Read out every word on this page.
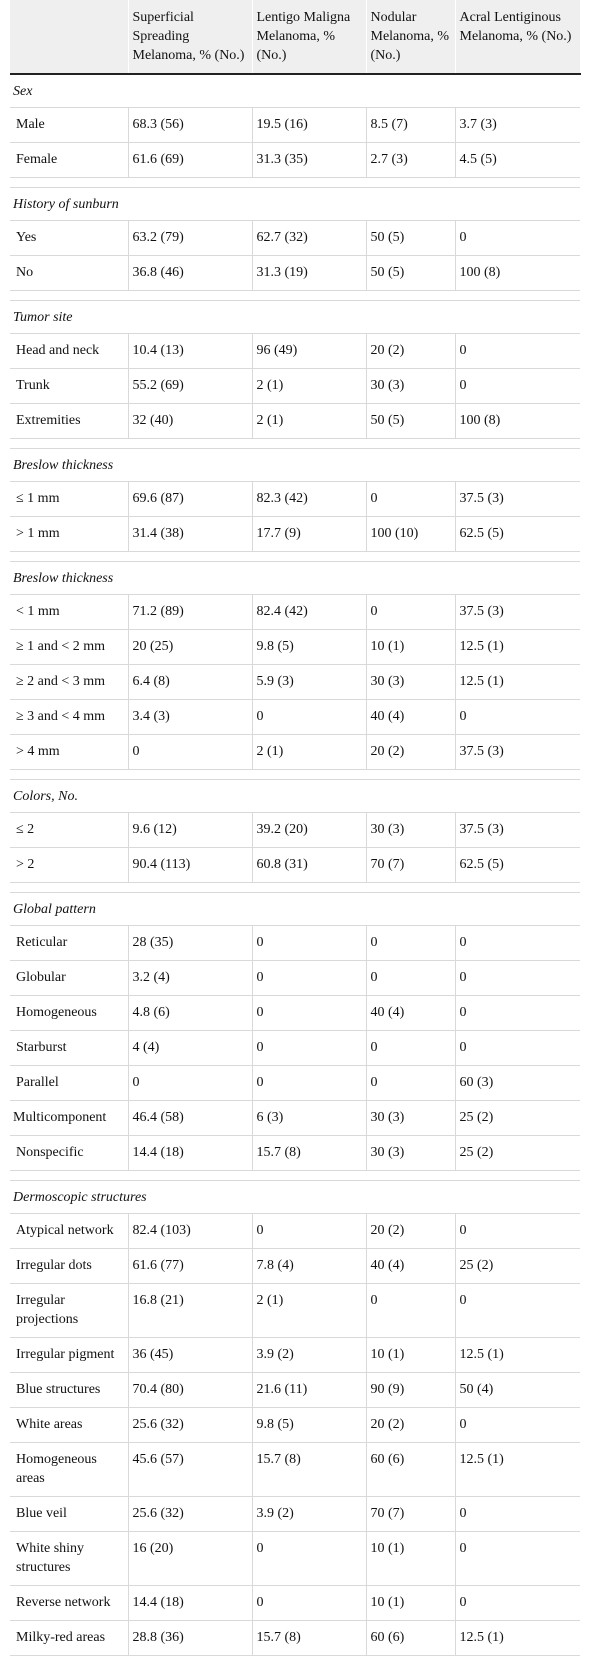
	Superficial Spreading Melanoma, % (No.)	Lentigo Maligna Melanoma, % (No.)	Nodular Melanoma, % (No.)	Acral Lentiginous Melanoma, % (No.)
Sex				
Male	68.3 (56)	19.5 (16)	8.5 (7)	3.7 (3)
Female	61.6 (69)	31.3 (35)	2.7 (3)	4.5 (5)

History of sunburn				
Yes	63.2 (79)	62.7 (32)	50 (5)	0
No	36.8 (46)	31.3 (19)	50 (5)	100 (8)

Tumor site				
Head and neck	10.4 (13)	96 (49)	20 (2)	0
Trunk	55.2 (69)	2 (1)	30 (3)	0
Extremities	32 (40)	2 (1)	50 (5)	100 (8)

Breslow thickness				
≤ 1 mm	69.6 (87)	82.3 (42)	0	37.5 (3)
> 1 mm	31.4 (38)	17.7 (9)	100 (10)	62.5 (5)

Breslow thickness				
< 1 mm	71.2 (89)	82.4 (42)	0	37.5 (3)
≥ 1 and < 2 mm	20 (25)	9.8 (5)	10 (1)	12.5 (1)
≥ 2 and < 3 mm	6.4 (8)	5.9 (3)	30 (3)	12.5 (1)
≥ 3 and < 4 mm	3.4 (3)	0	40 (4)	0
> 4 mm	0	2 (1)	20 (2)	37.5 (3)

Colors, No.				
≤ 2	9.6 (12)	39.2 (20)	30 (3)	37.5 (3)
> 2	90.4 (113)	60.8 (31)	70 (7)	62.5 (5)

Global pattern				
Reticular	28 (35)	0	0	0
Globular	3.2 (4)	0	0	0
Homogeneous	4.8 (6)	0	40 (4)	0
Starburst	4 (4)	0	0	0
Parallel	0	0	0	60 (3)
Multicomponent	46.4 (58)	6 (3)	30 (3)	25 (2)
Nonspecific	14.4 (18)	15.7 (8)	30 (3)	25 (2)

Dermoscopic structures				
Atypical network	82.4 (103)	0	20 (2)	0
Irregular dots	61.6 (77)	7.8 (4)	40 (4)	25 (2)
Irregular projections	16.8 (21)	2 (1)	0	0
Irregular pigment	36 (45)	3.9 (2)	10 (1)	12.5 (1)
Blue structures	70.4 (80)	21.6 (11)	90 (9)	50 (4)
White areas	25.6 (32)	9.8 (5)	20 (2)	0
Homogeneous areas	45.6 (57)	15.7 (8)	60 (6)	12.5 (1)
Blue veil	25.6 (32)	3.9 (2)	70 (7)	0
White shiny structures	16 (20)	0	10 (1)	0
Reverse network	14.4 (18)	0	10 (1)	0
Milky-red areas	28.8 (36)	15.7 (8)	60 (6)	12.5 (1)
